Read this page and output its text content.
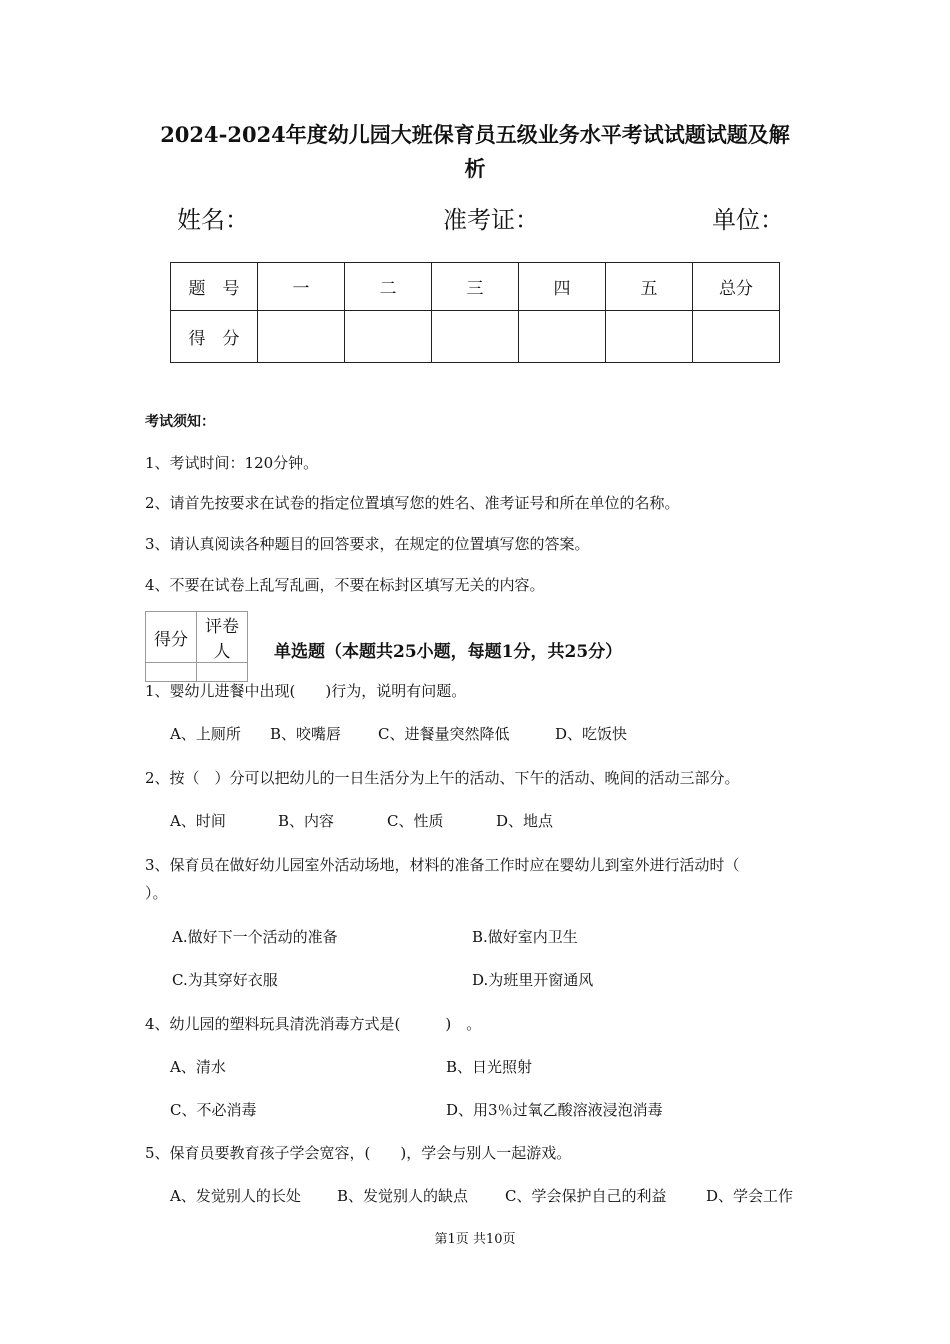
2024-2024年度幼儿园大班保育员五级业务水平考试试题试题及解
析
姓名：	准考证：	单位：
题　号	一	二	三	四	五	总分
得　分						
考试须知：
1、考试时间：120分钟。
2、请首先按要求在试卷的指定位置填写您的姓名、准考证号和所在单位的名称。
3、请认真阅读各种题目的回答要求，在规定的位置填写您的答案。
4、不要在试卷上乱写乱画，不要在标封区填写无关的内容。
得分	评卷人
		单选题（本题共25小题，每题1分，共25分）
1、婴幼儿进餐中出现(　　)行为，说明有问题。
A、上厕所 B、咬嘴唇 C、进餐量突然降低	D、吃饭快
2、按（　）分可以把幼儿的一日生活分为上午的活动、下午的活动、晚间的活动三部分。
A、时间	B、内容	C、性质	D、地点
3、保育员在做好幼儿园室外活动场地，材料的准备工作时应在婴幼儿到室外进行活动时（
）。
A.做好下一个活动的准备	B.做好室内卫生
C.为其穿好衣服	D.为班里开窗通风
4、幼儿园的塑料玩具清洗消毒方式是(　　　)　。
A、清水	B、日光照射
C、不必消毒	D、用3％过氧乙酸溶液浸泡消毒
5、保育员要教育孩子学会宽容，(　　)，学会与别人一起游戏。
A、发觉别人的长处 B、发觉别人的缺点 C、学会保护自己的利益	D、学会工作
第1页 共10页
